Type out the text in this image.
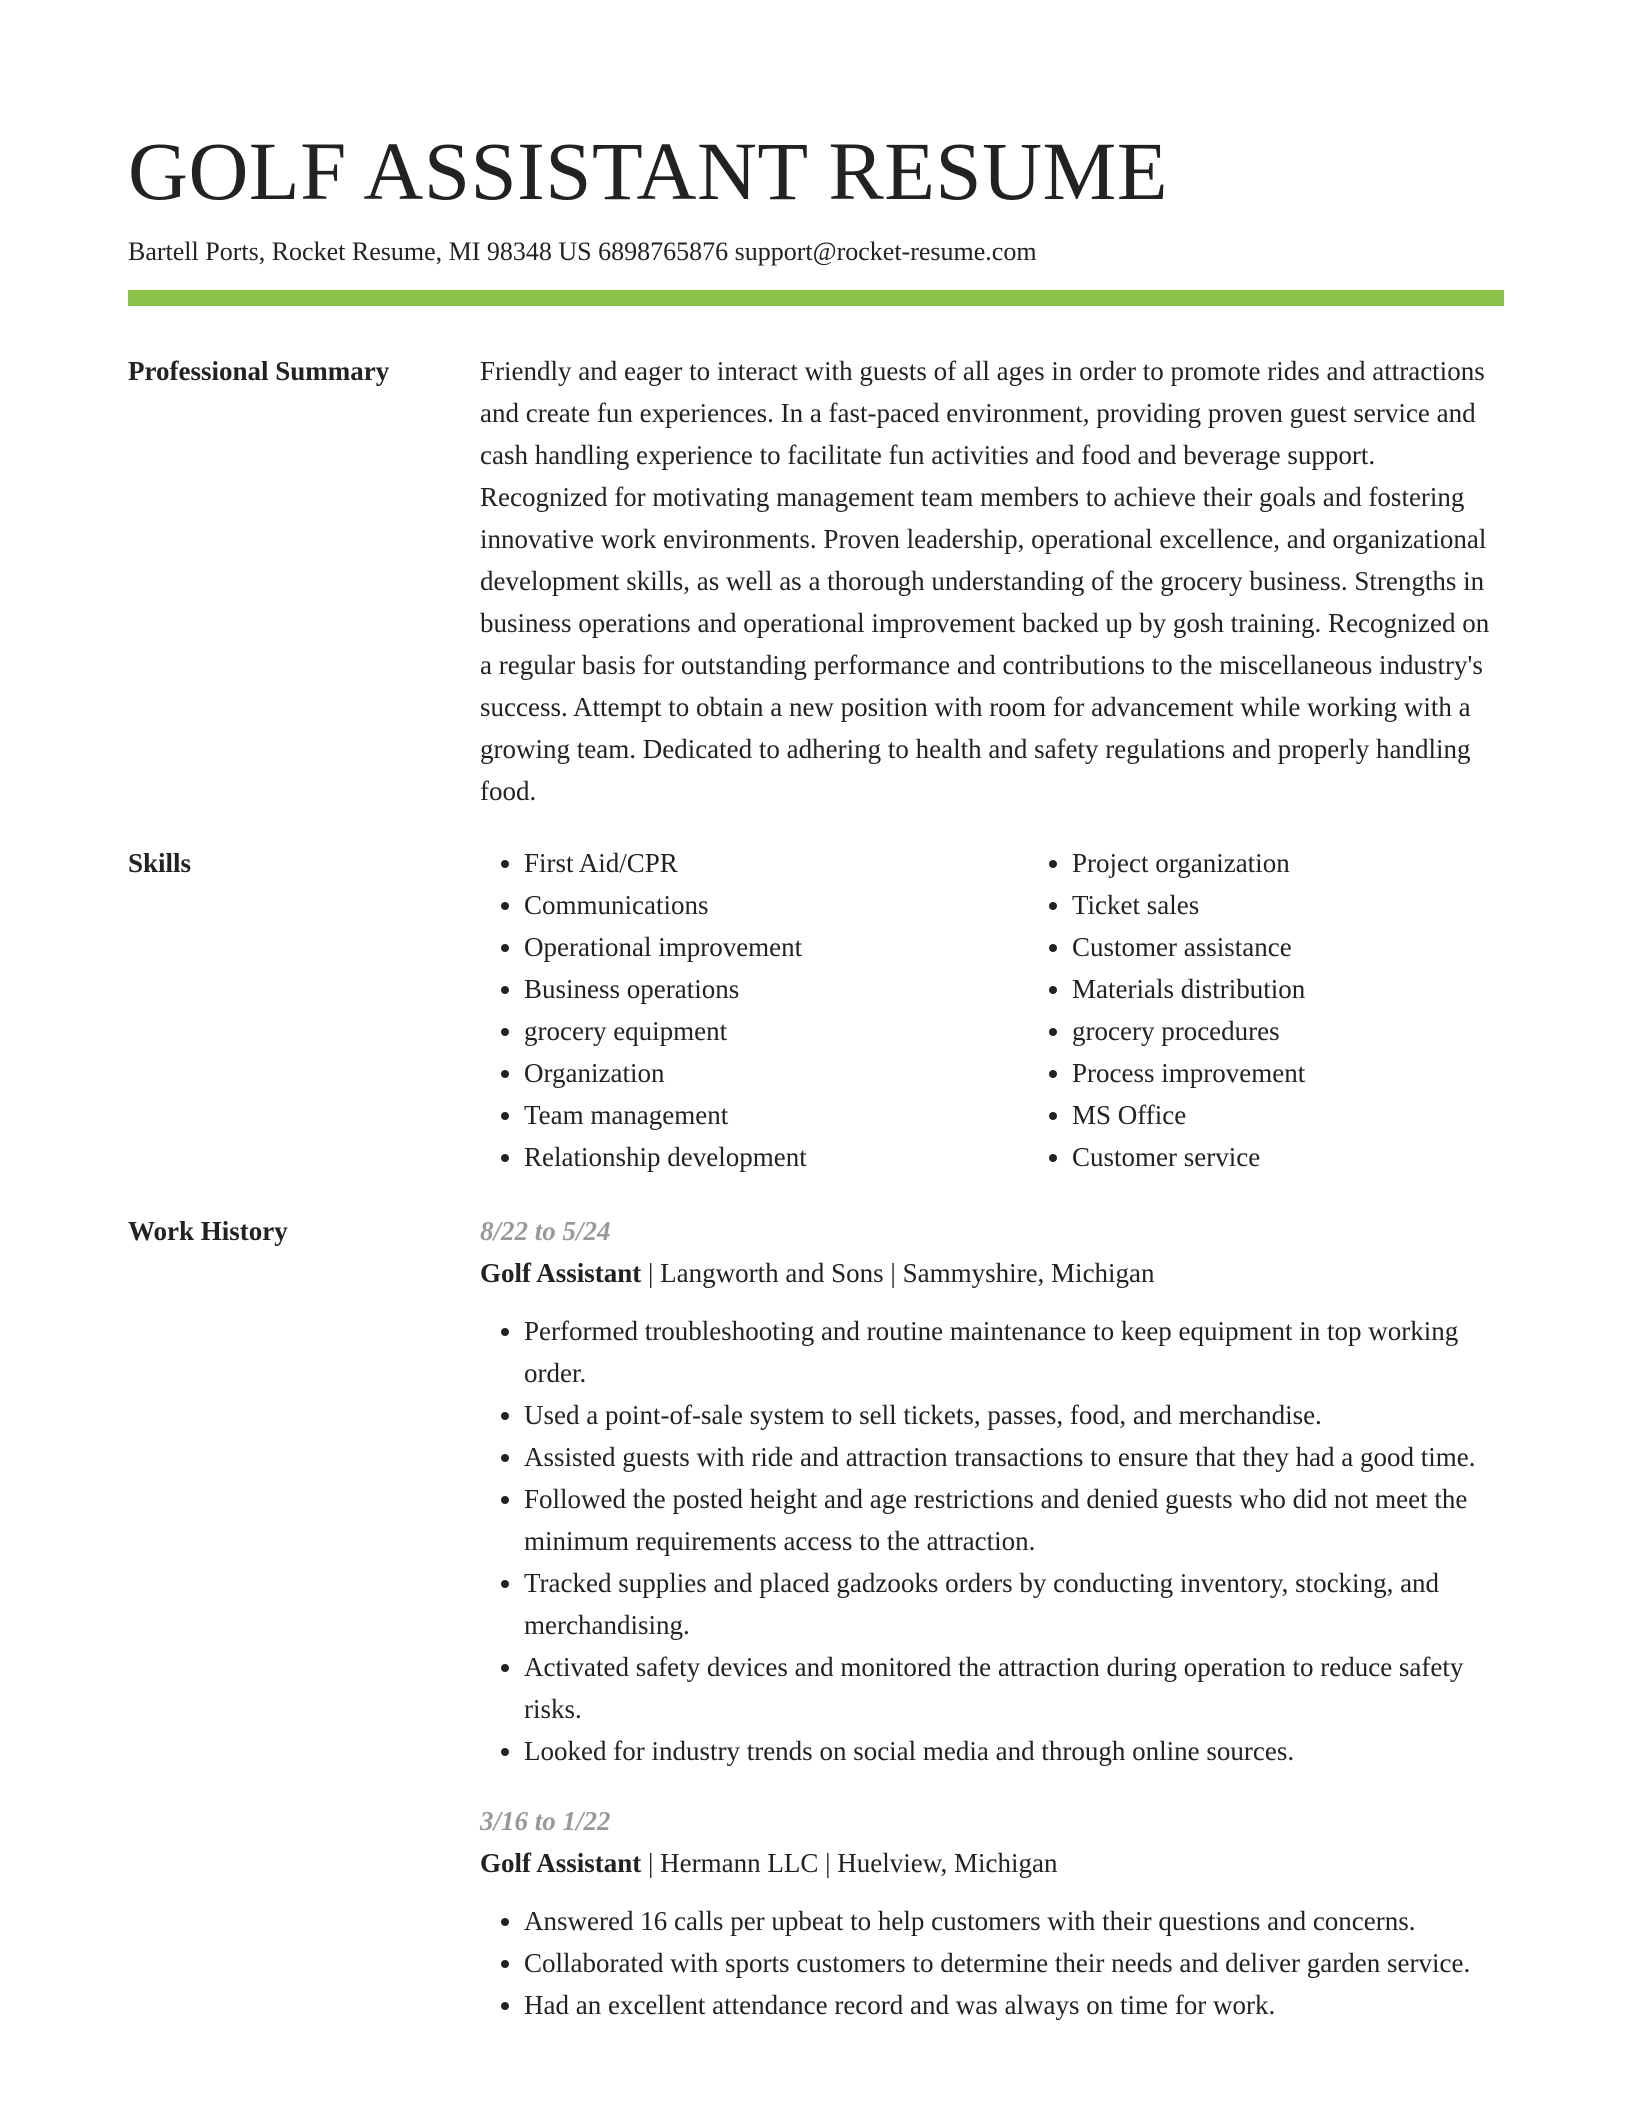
GOLF ASSISTANT RESUME
Bartell Ports, Rocket Resume, MI 98348 US 6898765876 support@rocket-resume.com
Professional Summary	Friendly and eager to interact with guests of all ages in order to promote rides and attractions and create fun experiences. In a fast-paced environment, providing proven guest service and cash handling experience to facilitate fun activities and food and beverage support. Recognized for motivating management team members to achieve their goals and fostering innovative work environments. Proven leadership, operational excellence, and organizational development skills, as well as a thorough understanding of the grocery business. Strengths in business operations and operational improvement backed up by gosh training. Recognized on a regular basis for outstanding performance and contributions to the miscellaneous industry's success. Attempt to obtain a new position with room for advancement while working with a growing team. Dedicated to adhering to health and safety regulations and properly handling food.

Skills
•	First Aid/CPR
• Communications
• Operational improvement
• Business operations
• grocery equipment
• Organization
• Team management
• Relationship development
• Project organization
• Ticket sales
• Customer assistance
• Materials distribution
• grocery procedures
• Process improvement
• MS Office
• Customer service
Work History	8/22 to 5/24
Golf Assistant | Langworth and Sons | Sammyshire, Michigan
• Performed troubleshooting and routine maintenance to keep equipment in top working order.
• Used a point-of-sale system to sell tickets, passes, food, and merchandise.
• Assisted guests with ride and attraction transactions to ensure that they had a good time.
• Followed the posted height and age restrictions and denied guests who did not meet the minimum requirements access to the attraction.
• Tracked supplies and placed gadzooks orders by conducting inventory, stocking, and merchandising.
• Activated safety devices and monitored the attraction during operation to reduce safety risks.
• Looked for industry trends on social media and through online sources.
3/16 to 1/22
Golf Assistant | Hermann LLC | Huelview, Michigan
• Answered 16 calls per upbeat to help customers with their questions and concerns.
• Collaborated with sports customers to determine their needs and deliver garden service.
• Had an excellent attendance record and was always on time for work.
